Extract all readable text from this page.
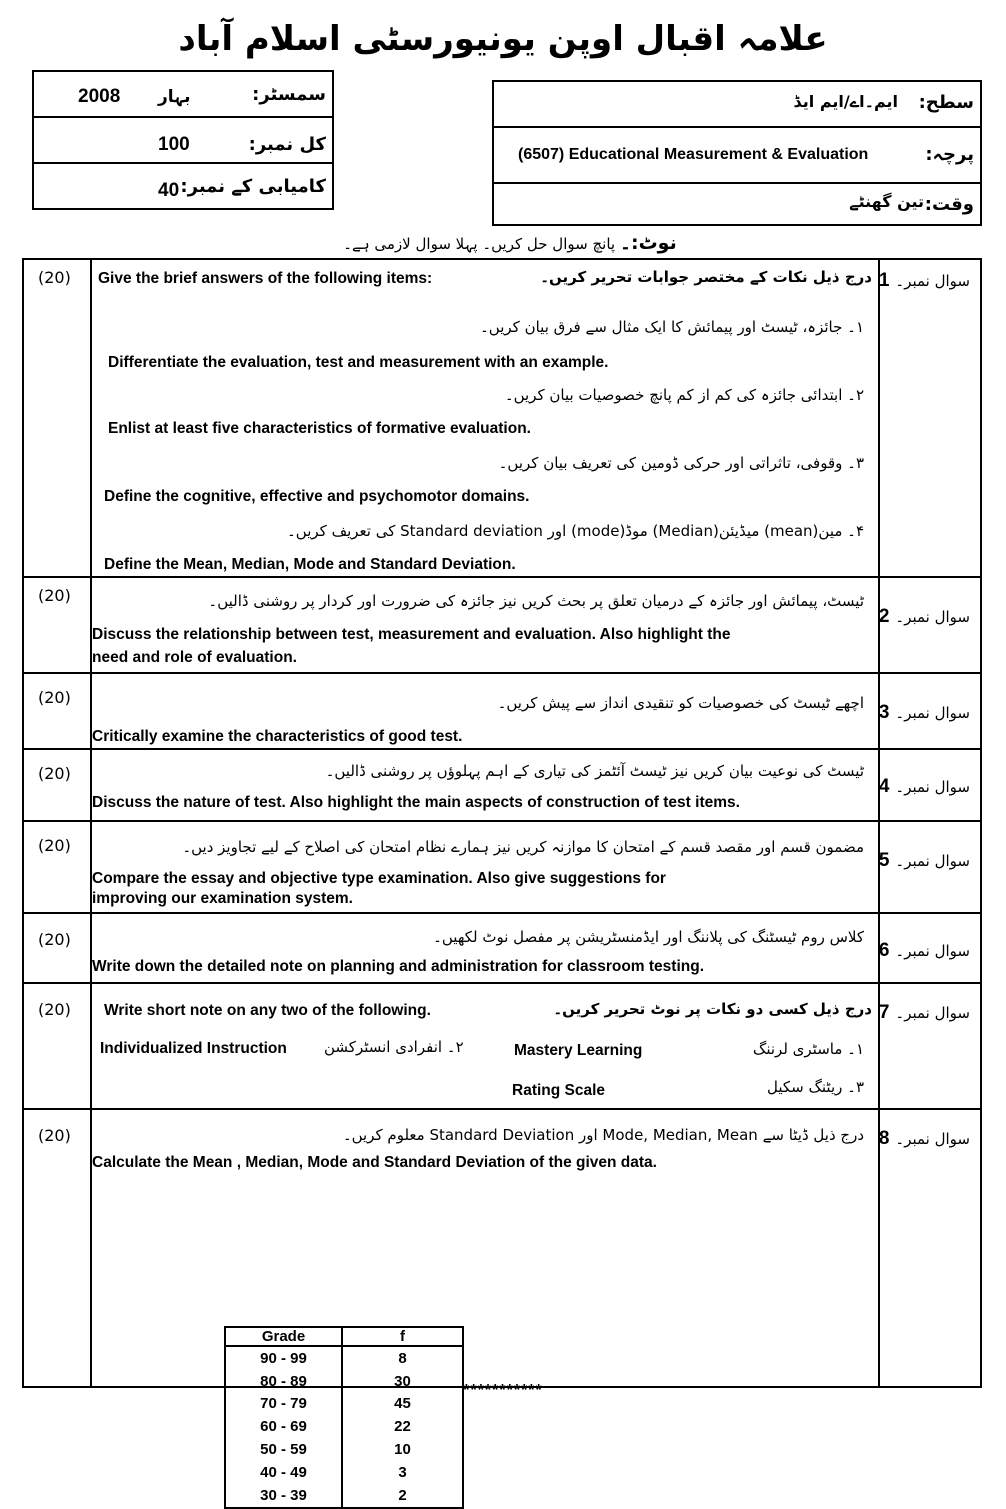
علامہ اقبال اوپن یونیورسٹی اسلام آباد
سمسٹر:
بہار
2008
کل نمبر:
100
کامیابی کے نمبر:
40
سطح:
ایم۔اے/ایم ایڈ
پرچہ:
(6507) Educational Measurement & Evaluation
وقت:
تین گھنٹے
نوٹ:۔ پانچ سوال حل کریں۔ پہلا سوال لازمی ہے۔
(20)	سوال نمبر۔1
Give the brief answers of the following items:	درج ذیل نکات کے مختصر جوابات تحریر کریں۔
۱۔ جائزہ، ٹیسٹ اور پیمائش کا ایک مثال سے فرق بیان کریں۔
Differentiate the evaluation, test and measurement with an example.
۲۔ ابتدائی جائزہ کی کم از کم پانچ خصوصیات بیان کریں۔
Enlist at least five characteristics of formative evaluation.
۳۔ وقوفی، تاثراتی اور حرکی ڈومین کی تعریف بیان کریں۔
Define the cognitive, effective and psychomotor domains.
۴۔ مین(mean) میڈیئن(Median) موڈ(mode) اور Standard deviation کی تعریف کریں۔
Define the Mean, Median, Mode and Standard Deviation.
(20)
سوال نمبر۔2
ٹیسٹ، پیمائش اور جائزہ کے درمیان تعلق پر بحث کریں نیز جائزہ کی ضرورت اور کردار پر روشنی ڈالیں۔
Discuss the relationship between test, measurement and evaluation. Also highlight the
need and role of evaluation.
(20)
سوال نمبر۔3
اچھے ٹیسٹ کی خصوصیات کو تنقیدی انداز سے پیش کریں۔
Critically examine the characteristics of good test.
(20)
سوال نمبر۔4
ٹیسٹ کی نوعیت بیان کریں نیز ٹیسٹ آئٹمز کی تیاری کے اہم پہلوؤں پر روشنی ڈالیں۔
Discuss the nature of test. Also highlight the main aspects of construction of test items.
(20)
سوال نمبر۔5
مضمون قسم اور مقصد قسم کے امتحان کا موازنہ کریں نیز ہمارے نظام امتحان کی اصلاح کے لیے تجاویز دیں۔
Compare the essay and objective type examination. Also give suggestions for
improving our examination system.
(20)
سوال نمبر۔6
کلاس روم ٹیسٹنگ کی پلاننگ اور ایڈمنسٹریشن پر مفصل نوٹ لکھیں۔
Write down the detailed note on planning and administration for classroom testing.
(20)	سوال نمبر۔7
Write short note on any two of the following.	درج ذیل کسی دو نکات پر نوٹ تحریر کریں۔
Individualized Instruction ۲۔ انفرادی انسٹرکشن	Mastery Learning	۱۔ ماسٹری لرننگ
Rating Scale	۳۔ ریٹنگ سکیل
(20)	سوال نمبر۔8
درج ذیل ڈیٹا سے Mode, Median, Mean اور Standard Deviation معلوم کریں۔
Calculate the Mean , Median, Mode and Standard Deviation of the given data.
Grade	f
90 - 99	8
80 - 89	30
70 - 79	45
60 - 69	22
50 - 59	10
40 - 49	3
30 - 39	2
***********
